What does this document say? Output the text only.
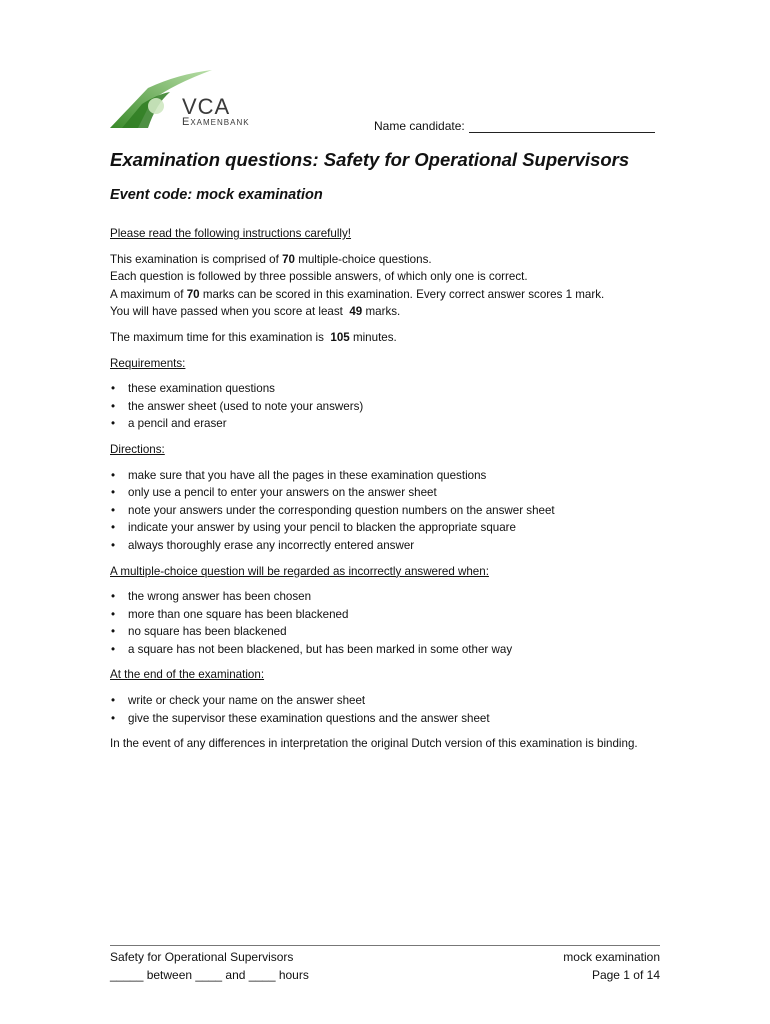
VCA
Examenbank	Name candidate:
Examination questions: Safety for Operational Supervisors
Event code: mock examination

Please read the following instructions carefully!

This examination is comprised of 70 multiple-choice questions.

Each question is followed by three possible answers, of which only one is correct.

A maximum of 70 marks can be scored in this examination. Every correct answer scores 1 mark.

You will have passed when you score at least 49 marks.

The maximum time for this examination is 105 minutes.

Requirements:

• these examination questions
• the answer sheet (used to note your answers)
• a pencil and eraser

Directions:

• make sure that you have all the pages in these examination questions
• only use a pencil to enter your answers on the answer sheet
• note your answers under the corresponding question numbers on the answer sheet
• indicate your answer by using your pencil to blacken the appropriate square
• always thoroughly erase any incorrectly entered answer

A multiple-choice question will be regarded as incorrectly answered when:

• the wrong answer has been chosen
• more than one square has been blackened
• no square has been blackened
• a square has not been blackened, but has been marked in some other way

At the end of the examination:

• write or check your name on the answer sheet
• give the supervisor these examination questions and the answer sheet

In the event of any differences in interpretation the original Dutch version of this examination is binding.

Safety for Operational Supervisors
_____ between ____ and ____ hours
mock examination
Page 1 of 14
